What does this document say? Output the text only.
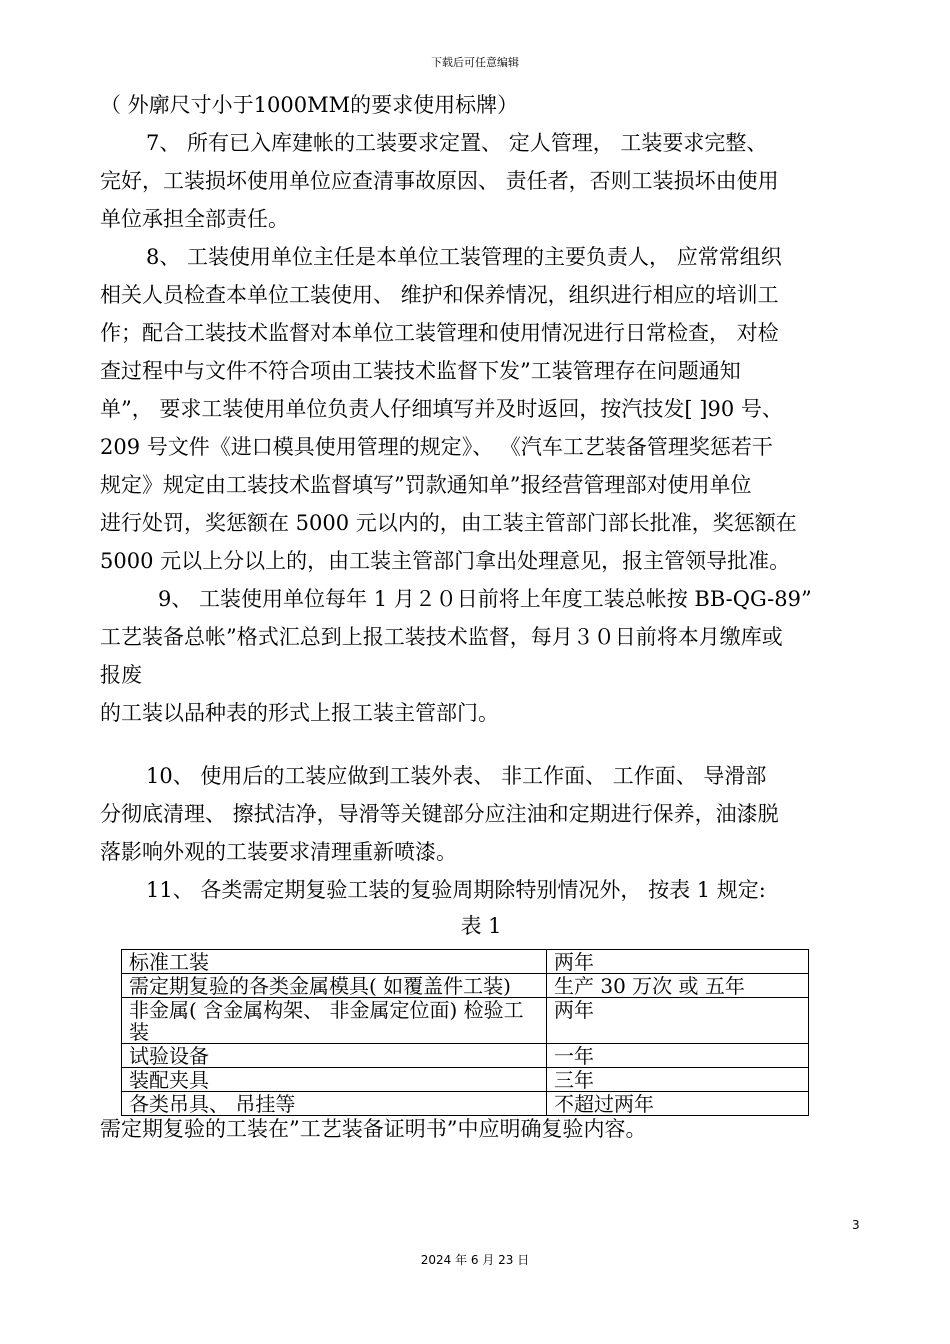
下载后可任意编辑
（ 外廓尺寸小于1000MM的要求使用标牌）
7、 所有已入库建帐的工装要求定置、 定人管理， 工装要求完整、
完好，工装损坏使用单位应查清事故原因、 责任者，否则工装损坏由使用
单位承担全部责任。
8、 工装使用单位主任是本单位工装管理的主要负责人， 应常常组织
相关人员检查本单位工装使用、 维护和保养情况，组织进行相应的培训工
作；配合工装技术监督对本单位工装管理和使用情况进行日常检查， 对检
查过程中与文件不符合项由工装技术监督下发”工装管理存在问题通知
单”， 要求工装使用单位负责人仔细填写并及时返回，按汽技发[ ]90 号、
209 号文件《进口模具使用管理的规定》、 《汽车工艺装备管理奖惩若干
规定》规定由工装技术监督填写”罚款通知单”报经营管理部对使用单位
进行处罚，奖惩额在 5000 元以内的，由工装主管部门部长批准，奖惩额在
5000 元以上分以上的，由工装主管部门拿出处理意见，报主管领导批准。
9、 工装使用单位每年 1 月２０日前将上年度工装总帐按 BB-QG-89”
工艺装备总帐”格式汇总到上报工装技术监督，每月３０日前将本月缴库或
报废
的工装以品种表的形式上报工装主管部门。
10、 使用后的工装应做到工装外表、 非工作面、 工作面、 导滑部
分彻底清理、 擦拭洁净，导滑等关键部分应注油和定期进行保养，油漆脱
落影响外观的工装要求清理重新喷漆。
11、 各类需定期复验工装的复验周期除特别情况外， 按表 1 规定:
表 1
标准工装	两年
需定期复验的各类金属模具( 如覆盖件工装)	生产 30 万次 或 五年
非金属( 含金属构架、 非金属定位面) 检验工装	两年
试验设备	一年
装配夹具	三年
各类吊具、 吊挂等	不超过两年
需定期复验的工装在”工艺装备证明书”中应明确复验内容。
3
2024 年 6 月 23 日
